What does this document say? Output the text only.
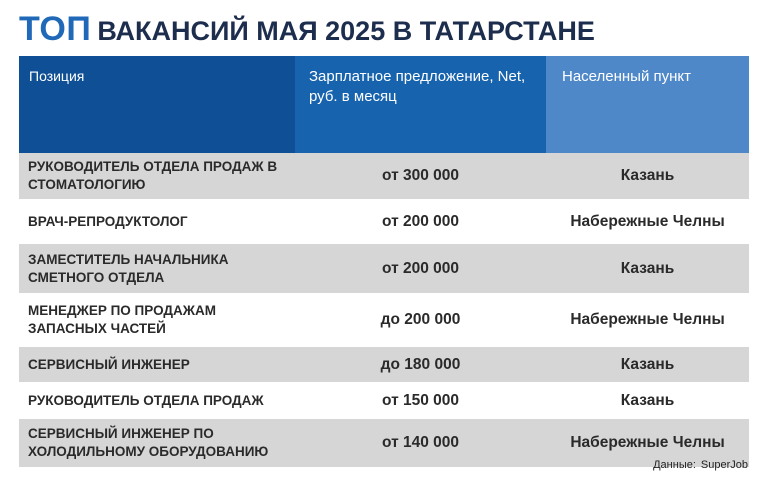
ТОП ВАКАНСИЙ МАЯ 2025 В ТАТАРСТАНЕ
Позиция	Зарплатное предложение, Net, руб. в месяц	Населенный пункт
РУКОВОДИТЕЛЬ ОТДЕЛА ПРОДАЖ В СТОМАТОЛОГИЮ	от 300 000	Казань
ВРАЧ-РЕПРОДУКТОЛОГ	от 200 000	Набережные Челны
ЗАМЕСТИТЕЛЬ НАЧАЛЬНИКА СМЕТНОГО ОТДЕЛА	от 200 000	Казань
МЕНЕДЖЕР ПО ПРОДАЖАМ ЗАПАСНЫХ ЧАСТЕЙ	до 200 000	Набережные Челны
СЕРВИСНЫЙ ИНЖЕНЕР	до 180 000	Казань
РУКОВОДИТЕЛЬ ОТДЕЛА ПРОДАЖ	от 150 000	Казань
СЕРВИСНЫЙ ИНЖЕНЕР ПО ХОЛОДИЛЬНОМУ ОБОРУДОВАНИЮ	от 140 000	Набережные Челны
Данные: SuperJob
